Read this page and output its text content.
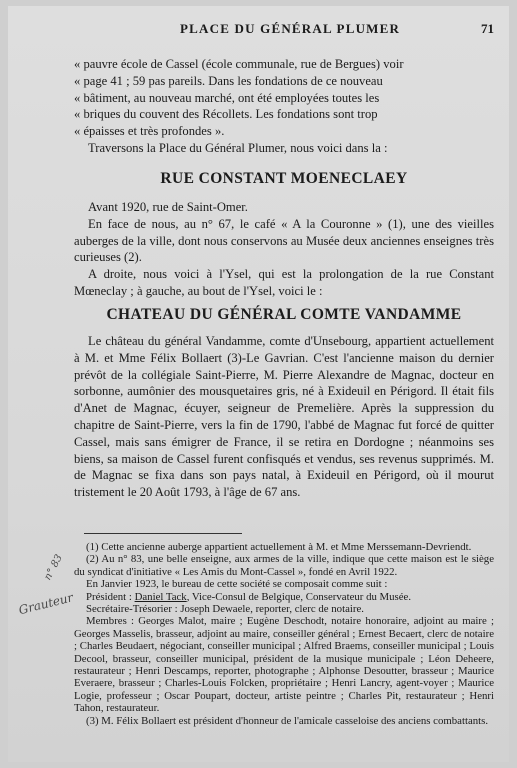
PLACE DU GÉNÉRAL PLUMER	71

« pauvre école de Cassel (école communale, rue de Bergues) voir

« page 41 ; 59 pas pareils. Dans les fondations de ce nouveau

« bâtiment, au nouveau marché, ont été employées toutes les

« briques du couvent des Récollets. Les fondations sont trop

« épaisses et très profondes ».

Traversons la Place du Général Plumer, nous voici dans la :

RUE CONSTANT MOENECLAEY

Avant 1920, rue de Saint-Omer.

En face de nous, au n° 67, le café « A la Couronne » (1), une des vieilles auberges de la ville, dont nous conservons au Musée deux anciennes enseignes très curieuses (2).

A droite, nous voici à l'Ysel, qui est la prolongation de la rue Constant Mœneclay ; à gauche, au bout de l'Ysel, voici le :

CHATEAU DU GÉNÉRAL COMTE VANDAMME

Le château du général Vandamme, comte d'Unsebourg, appartient actuellement à M. et Mme Félix Bollaert (3)-Le Gavrian. C'est l'ancienne maison du dernier prévôt de la collégiale Saint-Pierre, M. Pierre Alexandre de Magnac, docteur en sorbonne, aumônier des mousquetaires gris, né à Exideuil en Périgord. Il était fils d'Anet de Magnac, écuyer, seigneur de Premelière. Après la suppression du chapitre de Saint-Pierre, vers la fin de 1790, l'abbé de Magnac fut forcé de quitter Cassel, mais sans émigrer de France, il se retira en Dordogne ; néanmoins ses biens, sa maison de Cassel furent confisqués et vendus, ses revenus supprimés. M. de Magnac se fixa dans son pays natal, à Exideuil en Périgord, où il mourut tristement le 20 Août 1793, à l'âge de 67 ans.

(1) Cette ancienne auberge appartient actuellement à M. et Mme Merssemann-Devriendt.

(2) Au n° 83, une belle enseigne, aux armes de la ville, indique que cette maison est le siège du syndicat d'initiative « Les Amis du Mont-Cassel », fondé en Avril 1922.

En Janvier 1923, le bureau de cette société se composait comme suit :

Président : Daniel Tack, Vice-Consul de Belgique, Conservateur du Musée.

Secrétaire-Trésorier : Joseph Dewaele, reporter, clerc de notaire.

Membres : Georges Malot, maire ; Eugène Deschodt, notaire honoraire, adjoint au maire ; Georges Masselis, brasseur, adjoint au maire, conseiller général ; Ernest Becaert, clerc de notaire ; Charles Beudaert, négociant, conseiller municipal ; Alfred Braems, conseiller municipal ; Louis Decool, brasseur, conseiller municipal, président de la musique municipale ; Léon Deheere, restaurateur ; Henri Descamps, reporter, photographe ; Alphonse Desoutter, brasseur ; Maurice Everaere, brasseur ; Charles-Louis Folcken, propriétaire ; Henri Lancry, agent-voyer ; Maurice Logie, professeur ; Oscar Poupart, docteur, artiste peintre ; Charles Pit, restaurateur ; Henri Tahon, restaurateur.

(3) M. Félix Bollaert est président d'honneur de l'amicale casseloise des anciens combattants.

Grauteur
n° 83
